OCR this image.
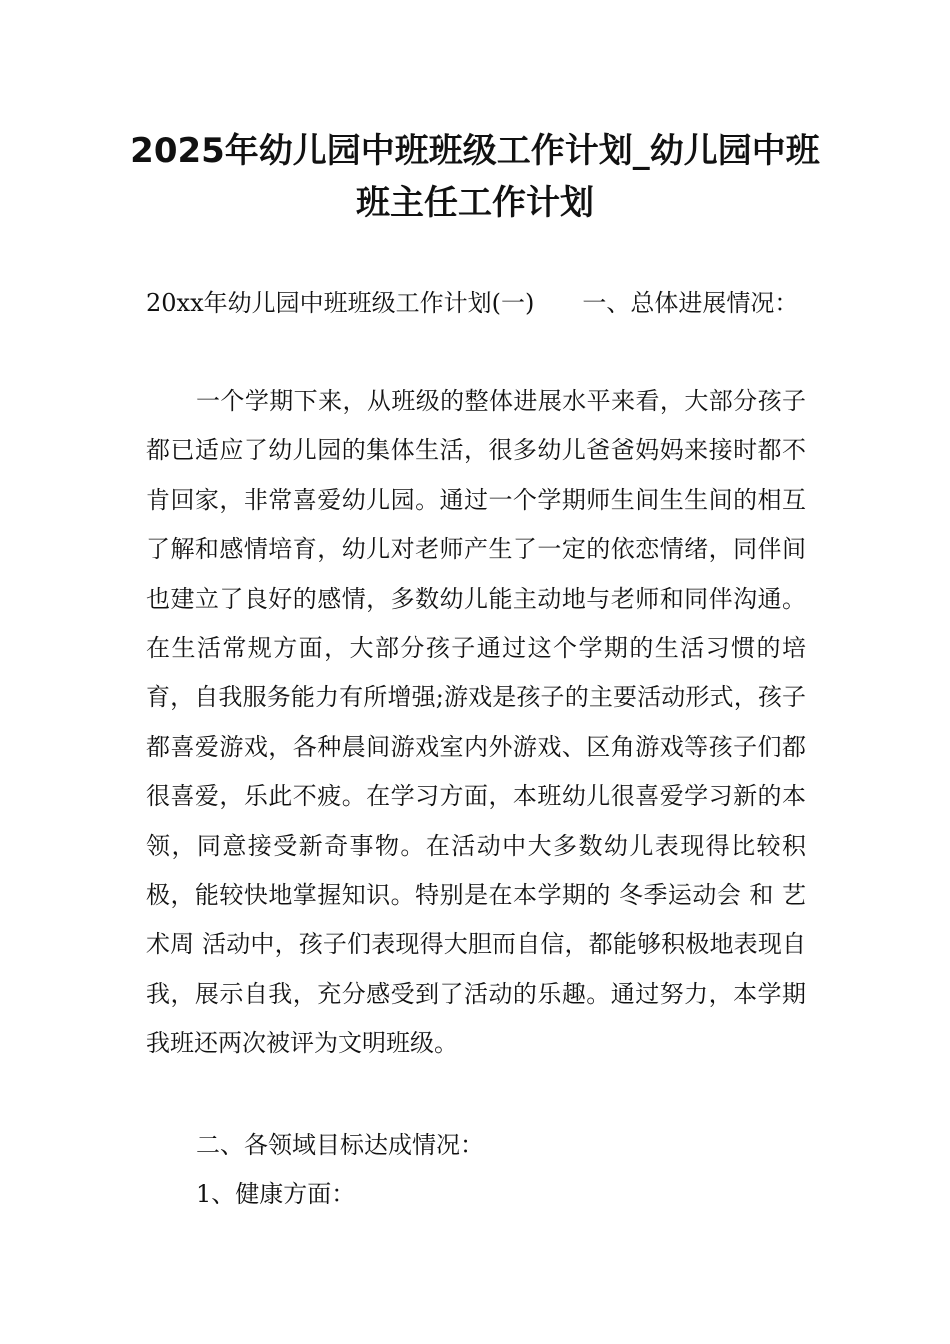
2025年幼儿园中班班级工作计划_幼儿园中班班主任工作计划

20xx年幼儿园中班班级工作计划(一)　　一、总体进展情况：

一个学期下来，从班级的整体进展水平来看，大部分孩子都已适应了幼儿园的集体生活，很多幼儿爸爸妈妈来接时都不肯回家，非常喜爱幼儿园。通过一个学期师生间生生间的相互了解和感情培育，幼儿对老师产生了一定的依恋情绪，同伴间也建立了良好的感情，多数幼儿能主动地与老师和同伴沟通。在生活常规方面，大部分孩子通过这个学期的生活习惯的培育，自我服务能力有所增强;游戏是孩子的主要活动形式，孩子都喜爱游戏，各种晨间游戏室内外游戏、区角游戏等孩子们都很喜爱，乐此不疲。在学习方面，本班幼儿很喜爱学习新的本领，同意接受新奇事物。在活动中大多数幼儿表现得比较积极，能较快地掌握知识。特别是在本学期的 冬季运动会 和 艺术周 活动中，孩子们表现得大胆而自信，都能够积极地表现自我，展示自我，充分感受到了活动的乐趣。通过努力，本学期我班还两次被评为文明班级。

二、各领域目标达成情况：

1、健康方面：
